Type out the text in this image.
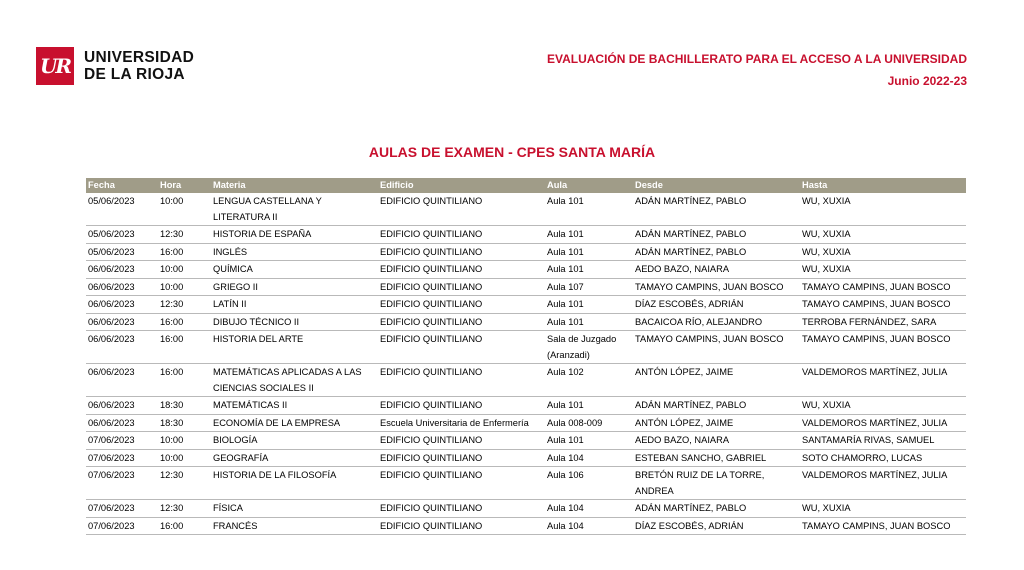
UR UNIVERSIDAD
DE LA RIOJA
EVALUACIÓN DE BACHILLERATO PARA EL ACCESO A LA UNIVERSIDAD
Junio 2022-23
AULAS DE EXAMEN - CPES SANTA MARÍA
Fecha	Hora	Materia	Edificio	Aula	Desde	Hasta
05/06/2023	10:00	LENGUA CASTELLANA Y LITERATURA II	EDIFICIO QUINTILIANO	Aula 101	ADÁN MARTÍNEZ, PABLO	WU, XUXIA
05/06/2023	12:30	HISTORIA DE ESPAÑA	EDIFICIO QUINTILIANO	Aula 101	ADÁN MARTÍNEZ, PABLO	WU, XUXIA
05/06/2023	16:00	INGLÉS	EDIFICIO QUINTILIANO	Aula 101	ADÁN MARTÍNEZ, PABLO	WU, XUXIA
06/06/2023	10:00	QUÍMICA	EDIFICIO QUINTILIANO	Aula 101	AEDO BAZO, NAIARA	WU, XUXIA
06/06/2023	10:00	GRIEGO II	EDIFICIO QUINTILIANO	Aula 107	TAMAYO CAMPINS, JUAN BOSCO	TAMAYO CAMPINS, JUAN BOSCO
06/06/2023	12:30	LATÍN II	EDIFICIO QUINTILIANO	Aula 101	DÍAZ ESCOBÉS, ADRIÁN	TAMAYO CAMPINS, JUAN BOSCO
06/06/2023	16:00	DIBUJO TÉCNICO II	EDIFICIO QUINTILIANO	Aula 101	BACAICOA RÍO, ALEJANDRO	TERROBA FERNÁNDEZ, SARA
06/06/2023	16:00	HISTORIA DEL ARTE	EDIFICIO QUINTILIANO	Sala de Juzgado (Aranzadi)	TAMAYO CAMPINS, JUAN BOSCO	TAMAYO CAMPINS, JUAN BOSCO
06/06/2023	16:00	MATEMÁTICAS APLICADAS A LAS CIENCIAS SOCIALES II	EDIFICIO QUINTILIANO	Aula 102	ANTÓN LÓPEZ, JAIME	VALDEMOROS MARTÍNEZ, JULIA
06/06/2023	18:30	MATEMÁTICAS II	EDIFICIO QUINTILIANO	Aula 101	ADÁN MARTÍNEZ, PABLO	WU, XUXIA
06/06/2023	18:30	ECONOMÍA DE LA EMPRESA	Escuela Universitaria de Enfermería	Aula 008-009	ANTÓN LÓPEZ, JAIME	VALDEMOROS MARTÍNEZ, JULIA
07/06/2023	10:00	BIOLOGÍA	EDIFICIO QUINTILIANO	Aula 101	AEDO BAZO, NAIARA	SANTAMARÍA RIVAS, SAMUEL
07/06/2023	10:00	GEOGRAFÍA	EDIFICIO QUINTILIANO	Aula 104	ESTEBAN SANCHO, GABRIEL	SOTO CHAMORRO, LUCAS
07/06/2023	12:30	HISTORIA DE LA FILOSOFÍA	EDIFICIO QUINTILIANO	Aula 106	BRETÓN RUIZ DE LA TORRE, ANDREA	VALDEMOROS MARTÍNEZ, JULIA
07/06/2023	12:30	FÍSICA	EDIFICIO QUINTILIANO	Aula 104	ADÁN MARTÍNEZ, PABLO	WU, XUXIA
07/06/2023	16:00	FRANCÉS	EDIFICIO QUINTILIANO	Aula 104	DÍAZ ESCOBÉS, ADRIÁN	TAMAYO CAMPINS, JUAN BOSCO
